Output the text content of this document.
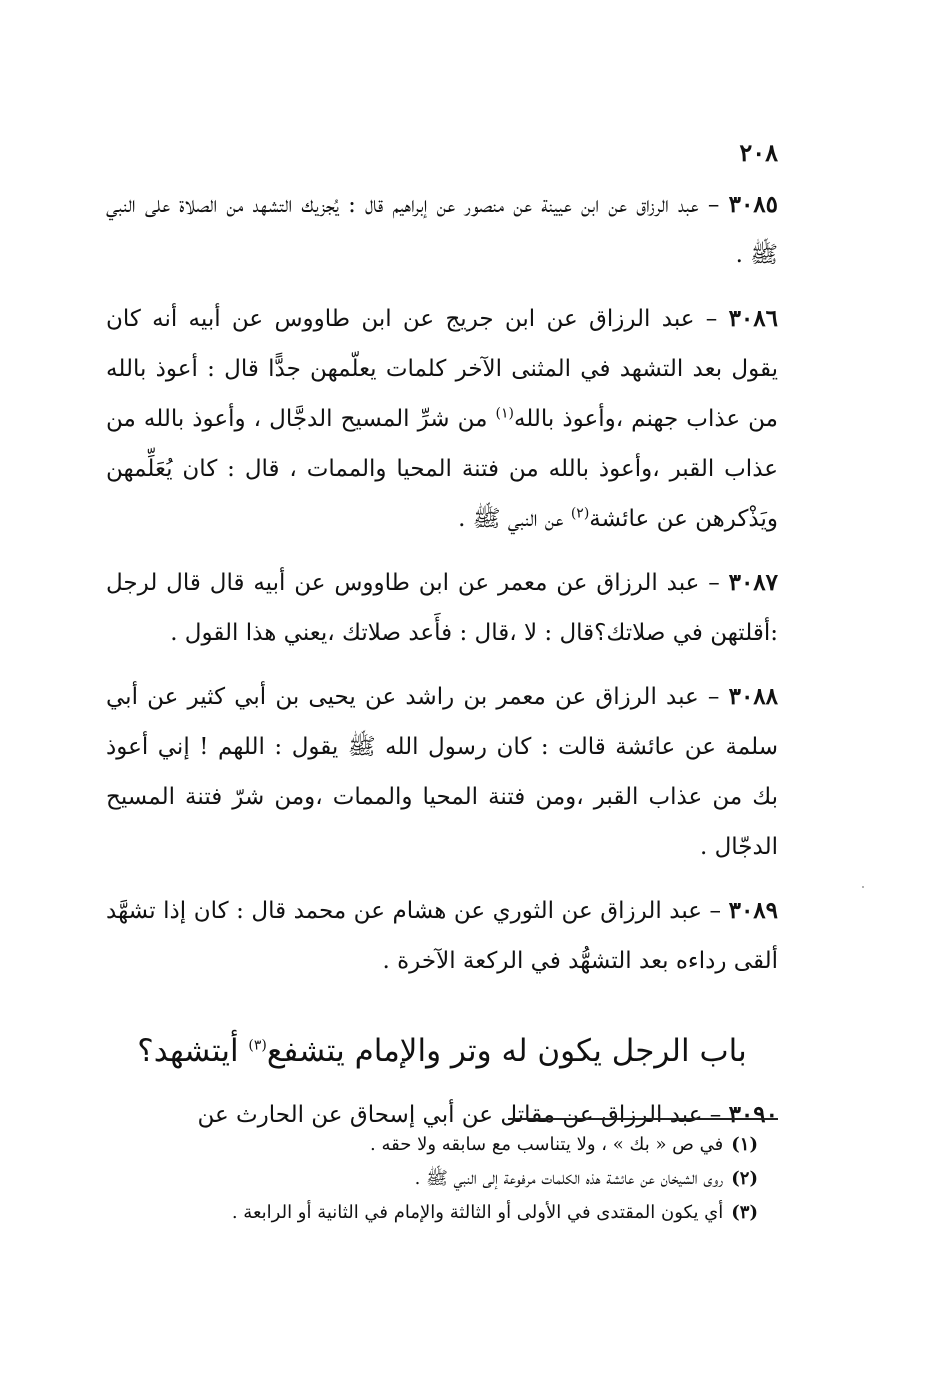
٢٠٨

٣٠٨٥ – عبد الرزاق عن ابن عيينة عن منصور عن إبراهيم قال : يُجزيك التشهد من الصلاة على النبي ﷺ .

٣٠٨٦ – عبد الرزاق عن ابن جريج عن ابن طاووس عن أبيه أنه كان يقول بعد التشهد في المثنى الآخر كلمات يعلّمهن جدًّا قال : أعوذ بالله من عذاب جهنم ،وأعوذ بالله$^{(١)}$ من شرِّ المسيح الدجَّال ، وأعوذ بالله من عذاب القبر ،وأعوذ بالله من فتنة المحيا والممات ، قال : كان يُعَلِّمهن ويَذْكرهن عن عائشة$^{(٢)}$ عن النبي ﷺ .

٣٠٨٧ – عبد الرزاق عن معمر عن ابن طاووس عن أبيه قال قال لرجل :أقلتهن في صلاتك؟قال : لا ،قال : فأَعد صلاتك ،يعني هذا القول .

٣٠٨٨ – عبد الرزاق عن معمر بن راشد عن يحيى بن أبي كثير عن أبي سلمة عن عائشة قالت : كان رسول الله ﷺ يقول : اللهم ! إني أعوذ بك من عذاب القبر ،ومن فتنة المحيا والممات ،ومن شرّ فتنة المسيح الدجّال .

٣٠٨٩ – عبد الرزاق عن الثوري عن هشام عن محمد قال : كان إذا تشهَّد ألقى رداءه بعد التشهُّد في الركعة الآخرة .

باب الرجل يكون له وتر والإمام يتشفع$^{(٣)}$ أيتشهد؟

٣٠٩٠ – عبد الرزاق عن مقاتل عن أبي إسحاق عن الحارث عن

(١)في ص « بك » ، ولا يتناسب مع سابقه ولا حقه .

(٢)روى الشيخان عن عائشة هذه الكلمات مرفوعة إلى النبي ﷺ .

(٣)أي يكون المقتدى في الأولى أو الثالثة والإمام في الثانية أو الرابعة .
